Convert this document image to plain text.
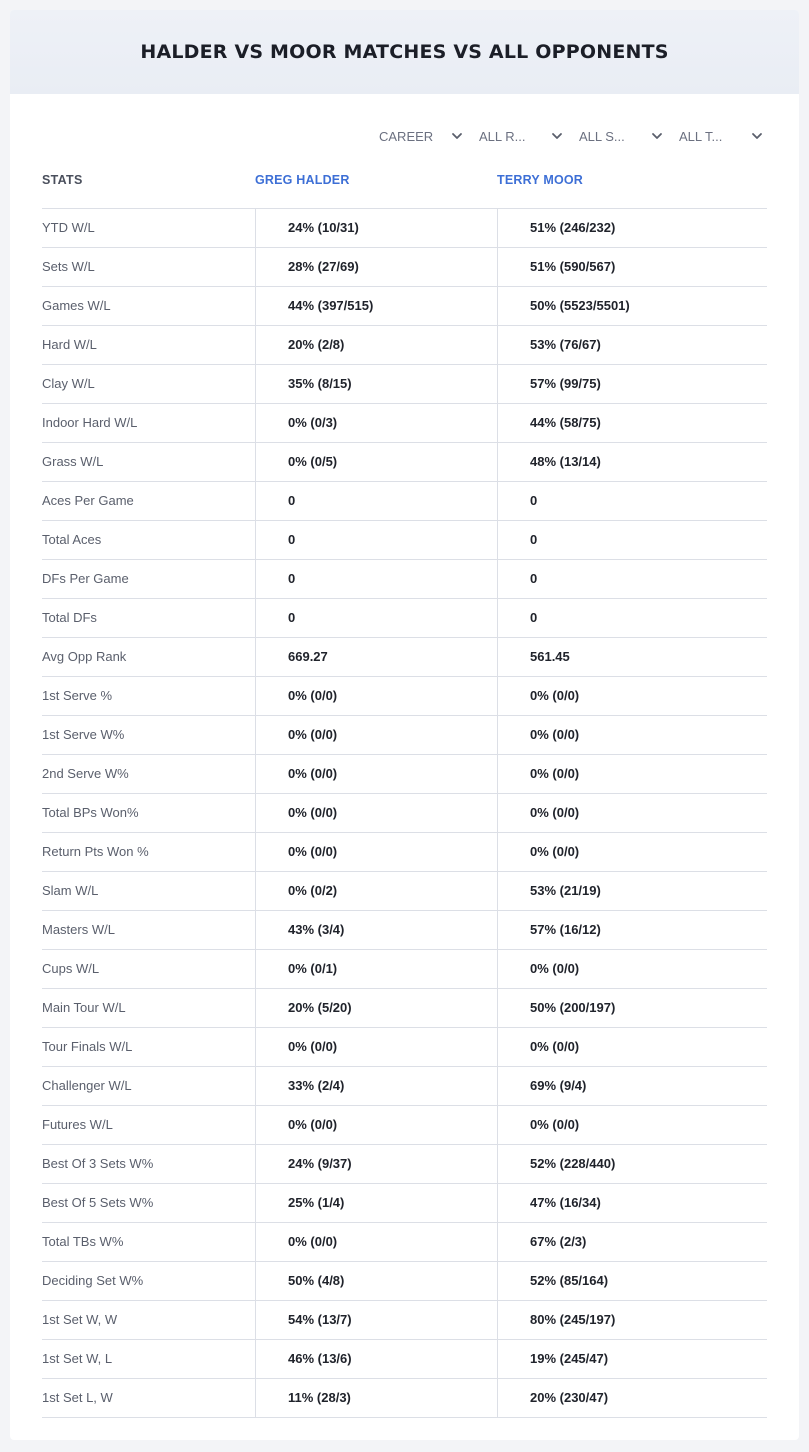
HALDER VS MOOR MATCHES VS ALL OPPONENTS
CAREER	ALL R...	ALL S...	ALL T...
STATS	GREG HALDER	TERRY MOOR
YTD W/L	24% (10/31)	51% (246/232)
Sets W/L	28% (27/69)	51% (590/567)
Games W/L	44% (397/515)	50% (5523/5501)
Hard W/L	20% (2/8)	53% (76/67)
Clay W/L	35% (8/15)	57% (99/75)
Indoor Hard W/L	0% (0/3)	44% (58/75)
Grass W/L	0% (0/5)	48% (13/14)
Aces Per Game	0	0
Total Aces	0	0
DFs Per Game	0	0
Total DFs	0	0
Avg Opp Rank	669.27	561.45
1st Serve %	0% (0/0)	0% (0/0)
1st Serve W%	0% (0/0)	0% (0/0)
2nd Serve W%	0% (0/0)	0% (0/0)
Total BPs Won%	0% (0/0)	0% (0/0)
Return Pts Won %	0% (0/0)	0% (0/0)
Slam W/L	0% (0/2)	53% (21/19)
Masters W/L	43% (3/4)	57% (16/12)
Cups W/L	0% (0/1)	0% (0/0)
Main Tour W/L	20% (5/20)	50% (200/197)
Tour Finals W/L	0% (0/0)	0% (0/0)
Challenger W/L	33% (2/4)	69% (9/4)
Futures W/L	0% (0/0)	0% (0/0)
Best Of 3 Sets W%	24% (9/37)	52% (228/440)
Best Of 5 Sets W%	25% (1/4)	47% (16/34)
Total TBs W%	0% (0/0)	67% (2/3)
Deciding Set W%	50% (4/8)	52% (85/164)
1st Set W, W	54% (13/7)	80% (245/197)
1st Set W, L	46% (13/6)	19% (245/47)
1st Set L, W	11% (28/3)	20% (230/47)
